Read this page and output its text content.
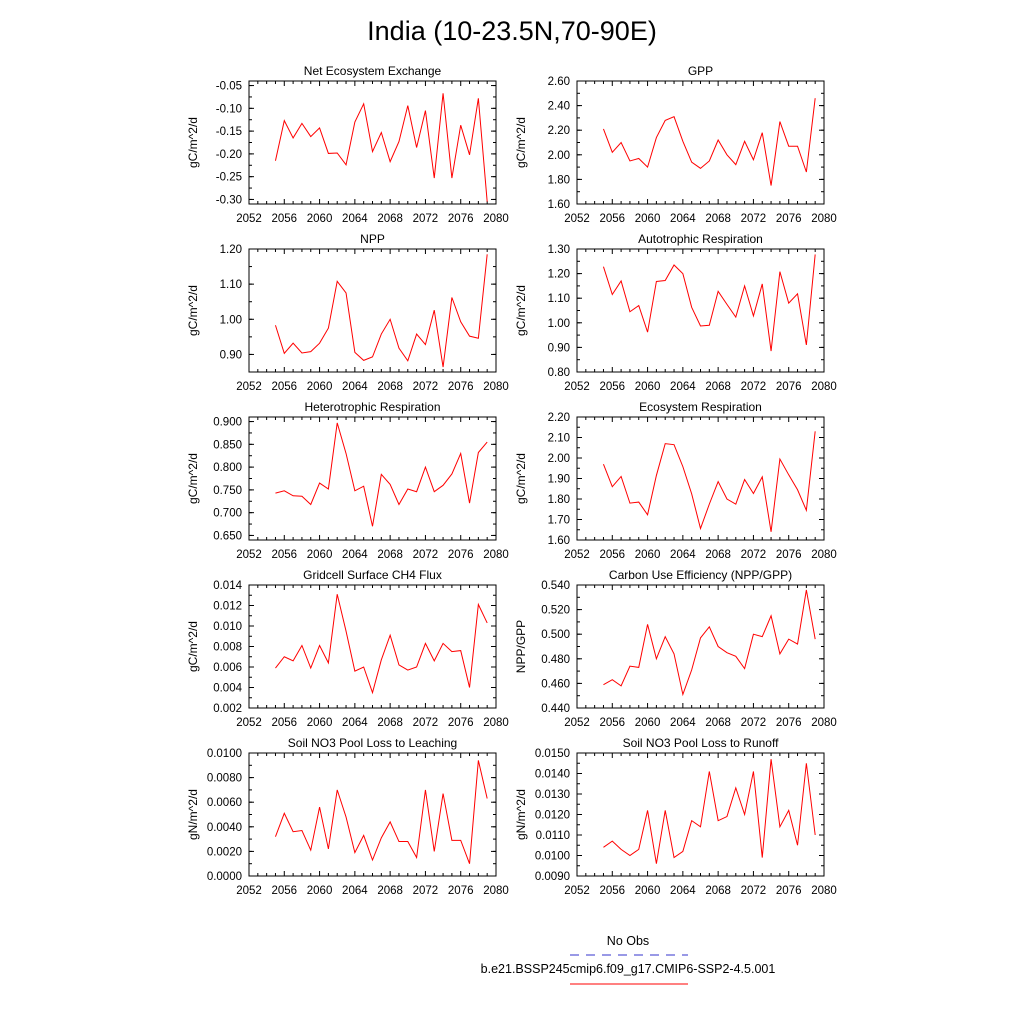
India (10-23.5N,70-90E)
Net Ecosystem Exchange
2052 2056 2060 2064 2068 2072 2076 2080
-0.30
-0.25
-0.20
-0.15
-0.10
-0.05
gC/m^2/d
GPP
2052 2056 2060 2064 2068 2072 2076 2080
1.60
1.80
2.00
2.20
2.40
2.60
gC/m^2/d
NPP
2052 2056 2060 2064 2068 2072 2076 2080
0.90
1.00
1.10
1.20
gC/m^2/d
Autotrophic Respiration
2052 2056 2060 2064 2068 2072 2076 2080
0.80
0.90
1.00
1.10
1.20
1.30
gC/m^2/d
Heterotrophic Respiration
2052 2056 2060 2064 2068 2072 2076 2080
0.650
0.700
0.750
0.800
0.850
0.900
gC/m^2/d
Ecosystem Respiration
2052 2056 2060 2064 2068 2072 2076 2080
1.60
1.70
1.80
1.90
2.00
2.10
2.20
gC/m^2/d
Gridcell Surface CH4 Flux
2052 2056 2060 2064 2068 2072 2076 2080
0.002
0.004
0.006
0.008
0.010
0.012
0.014
gC/m^2/d
Carbon Use Efficiency (NPP/GPP)
2052 2056 2060 2064 2068 2072 2076 2080
0.440
0.460
0.480
0.500
0.520
0.540
NPP/GPP
Soil NO3 Pool Loss to Leaching
2052 2056 2060 2064 2068 2072 2076 2080
0.0000
0.0020
0.0040
0.0060
0.0080
0.0100
gN/m^2/d
Soil NO3 Pool Loss to Runoff
2052 2056 2060 2064 2068 2072 2076 2080
0.0090
0.0100
0.0110
0.0120
0.0130
0.0140
0.0150
gN/m^2/d
No Obs
b.e21.BSSP245cmip6.f09_g17.CMIP6-SSP2-4.5.001
